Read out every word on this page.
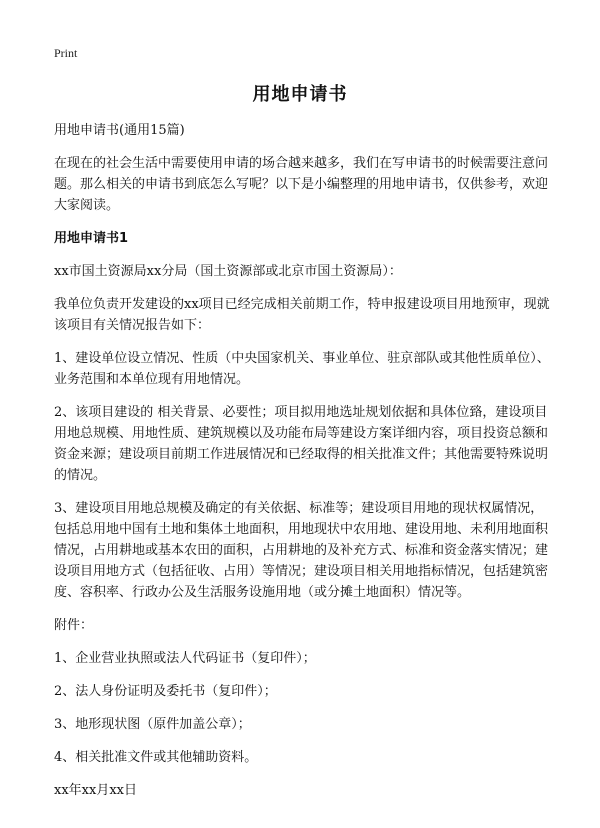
Print
用地申请书

用地申请书(通用15篇)

在现在的社会生活中需要使用申请的场合越来越多，我们在写申请书的时候需要注意问题。那么相关的申请书到底怎么写呢？以下是小编整理的用地申请书，仅供参考，欢迎大家阅读。

用地申请书1

xx市国土资源局xx分局（国土资源部或北京市国土资源局）：

我单位负责开发建设的xx项目已经完成相关前期工作，特申报建设项目用地预审，现就该项目有关情况报告如下：

1、建设单位设立情况、性质（中央国家机关、事业单位、驻京部队或其他性质单位）、业务范围和本单位现有用地情况。

2、该项目建设的 相关背景、必要性；项目拟用地选址规划依据和具体位臵，建设项目用地总规模、用地性质、建筑规模以及功能布局等建设方案详细内容，项目投资总额和资金来源；建设项目前期工作进展情况和已经取得的相关批准文件；其他需要特殊说明的情况。

3、建设项目用地总规模及确定的有关依据、标准等；建设项目用地的现状权属情况，包括总用地中国有土地和集体土地面积，用地现状中农用地、建设用地、未利用地面积情况，占用耕地或基本农田的面积，占用耕地的及补充方式、标准和资金落实情况；建设项目用地方式（包括征收、占用）等情况；建设项目相关用地指标情况，包括建筑密度、容积率、行政办公及生活服务设施用地（或分摊土地面积）情况等。

附件：

1、企业营业执照或法人代码证书（复印件）；

2、法人身份证明及委托书（复印件）；

3、地形现状图（原件加盖公章）；

4、相关批准文件或其他辅助资料。

xx年xx月xx日
